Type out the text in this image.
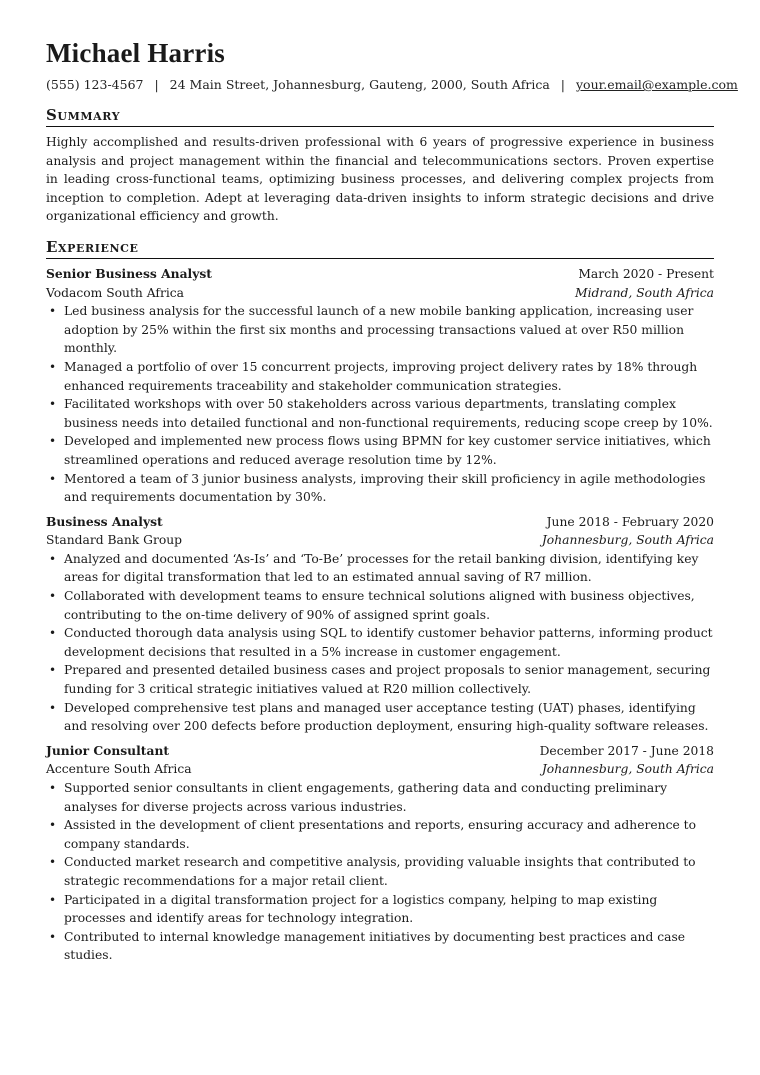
Michael Harris
(555) 123-4567 | 24 Main Street, Johannesburg, Gauteng, 2000, South Africa | your.email@example.com
Summary

Highly accomplished and results-driven professional with 6 years of progressive experience in business analysis and project management within the financial and telecommunications sectors. Proven expertise in leading cross-functional teams, optimizing business processes, and delivering complex projects from inception to completion. Adept at leveraging data-driven insights to inform strategic decisions and drive organizational efficiency and growth.

Experience
Senior Business Analyst	March 2020 - Present
Vodacom South Africa	Midrand, South Africa
• Led business analysis for the successful launch of a new mobile banking application, increasing user adoption by 25% within the first six months and processing transactions valued at over R50 million monthly.
• Managed a portfolio of over 15 concurrent projects, improving project delivery rates by 18% through enhanced requirements traceability and stakeholder communication strategies.
• Facilitated workshops with over 50 stakeholders across various departments, translating complex business needs into detailed functional and non-functional requirements, reducing scope creep by 10%.
• Developed and implemented new process flows using BPMN for key customer service initiatives, which streamlined operations and reduced average resolution time by 12%.
• Mentored a team of 3 junior business analysts, improving their skill proficiency in agile methodologies and requirements documentation by 30%.
Business Analyst	June 2018 - February 2020
Standard Bank Group	Johannesburg, South Africa
• Analyzed and documented ‘As-Is’ and ‘To-Be’ processes for the retail banking division, identifying key areas for digital transformation that led to an estimated annual saving of R7 million.
• Collaborated with development teams to ensure technical solutions aligned with business objectives, contributing to the on-time delivery of 90% of assigned sprint goals.
• Conducted thorough data analysis using SQL to identify customer behavior patterns, informing product development decisions that resulted in a 5% increase in customer engagement.
• Prepared and presented detailed business cases and project proposals to senior management, securing funding for 3 critical strategic initiatives valued at R20 million collectively.
• Developed comprehensive test plans and managed user acceptance testing (UAT) phases, identifying and resolving over 200 defects before production deployment, ensuring high-quality software releases.
Junior Consultant	December 2017 - June 2018
Accenture South Africa	Johannesburg, South Africa
• Supported senior consultants in client engagements, gathering data and conducting preliminary analyses for diverse projects across various industries.
• Assisted in the development of client presentations and reports, ensuring accuracy and adherence to company standards.
• Conducted market research and competitive analysis, providing valuable insights that contributed to strategic recommendations for a major retail client.
• Participated in a digital transformation project for a logistics company, helping to map existing processes and identify areas for technology integration.
• Contributed to internal knowledge management initiatives by documenting best practices and case studies.
